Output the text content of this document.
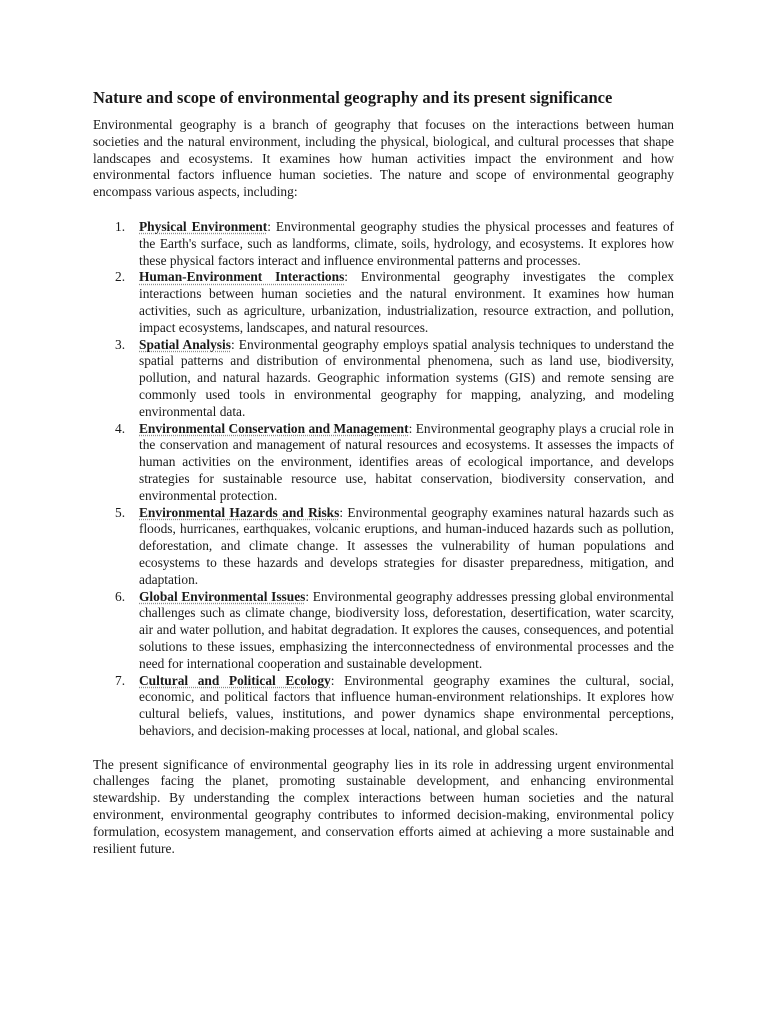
Nature and scope of environmental geography and its present significance

Environmental geography is a branch of geography that focuses on the interactions between human societies and the natural environment, including the physical, biological, and cultural processes that shape landscapes and ecosystems. It examines how human activities impact the environment and how environmental factors influence human societies. The nature and scope of environmental geography encompass various aspects, including:

1. Physical Environment: Environmental geography studies the physical processes and features of the Earth's surface, such as landforms, climate, soils, hydrology, and ecosystems. It explores how these physical factors interact and influence environmental patterns and processes.
2. Human-Environment Interactions: Environmental geography investigates the complex interactions between human societies and the natural environment. It examines how human activities, such as agriculture, urbanization, industrialization, resource extraction, and pollution, impact ecosystems, landscapes, and natural resources.
3. Spatial Analysis: Environmental geography employs spatial analysis techniques to understand the spatial patterns and distribution of environmental phenomena, such as land use, biodiversity, pollution, and natural hazards. Geographic information systems (GIS) and remote sensing are commonly used tools in environmental geography for mapping, analyzing, and modeling environmental data.
4. Environmental Conservation and Management: Environmental geography plays a crucial role in the conservation and management of natural resources and ecosystems. It assesses the impacts of human activities on the environment, identifies areas of ecological importance, and develops strategies for sustainable resource use, habitat conservation, biodiversity conservation, and environmental protection.
5. Environmental Hazards and Risks: Environmental geography examines natural hazards such as floods, hurricanes, earthquakes, volcanic eruptions, and human-induced hazards such as pollution, deforestation, and climate change. It assesses the vulnerability of human populations and ecosystems to these hazards and develops strategies for disaster preparedness, mitigation, and adaptation.
6. Global Environmental Issues: Environmental geography addresses pressing global environmental challenges such as climate change, biodiversity loss, deforestation, desertification, water scarcity, air and water pollution, and habitat degradation. It explores the causes, consequences, and potential solutions to these issues, emphasizing the interconnectedness of environmental processes and the need for international cooperation and sustainable development.
7. Cultural and Political Ecology: Environmental geography examines the cultural, social, economic, and political factors that influence human-environment relationships. It explores how cultural beliefs, values, institutions, and power dynamics shape environmental perceptions, behaviors, and decision-making processes at local, national, and global scales.

The present significance of environmental geography lies in its role in addressing urgent environmental challenges facing the planet, promoting sustainable development, and enhancing environmental stewardship. By understanding the complex interactions between human societies and the natural environment, environmental geography contributes to informed decision-making, environmental policy formulation, ecosystem management, and conservation efforts aimed at achieving a more sustainable and resilient future.
